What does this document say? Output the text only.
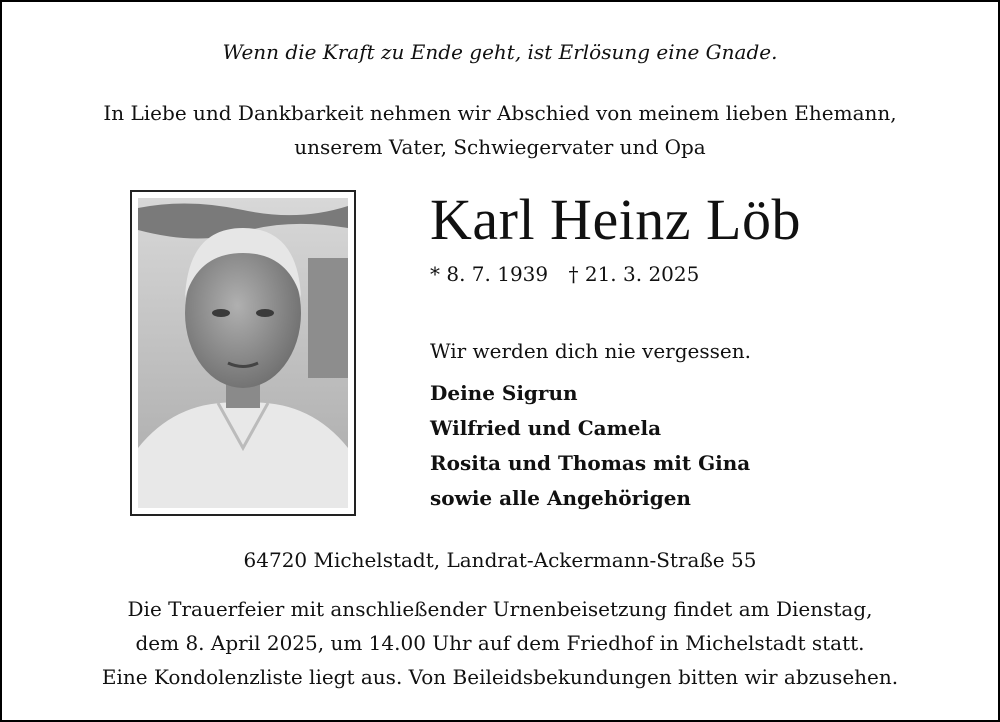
Wenn die Kraft zu Ende geht, ist Erlösung eine Gnade.
In Liebe und Dankbarkeit nehmen wir Abschied von meinem lieben Ehemann,
unserem Vater, Schwiegervater und Opa
Karl Heinz Löb
* 8. 7. 1939 † 21. 3. 2025
Wir werden dich nie vergessen.
Deine Sigrun
Wilfried und Camela
Rosita und Thomas mit Gina
sowie alle Angehörigen
64720 Michelstadt, Landrat-Ackermann-Straße 55
Die Trauerfeier mit anschließender Urnenbeisetzung findet am Dienstag,
dem 8. April 2025, um 14.00 Uhr auf dem Friedhof in Michelstadt statt.
Eine Kondolenzliste liegt aus. Von Beileidsbekundungen bitten wir abzusehen.
